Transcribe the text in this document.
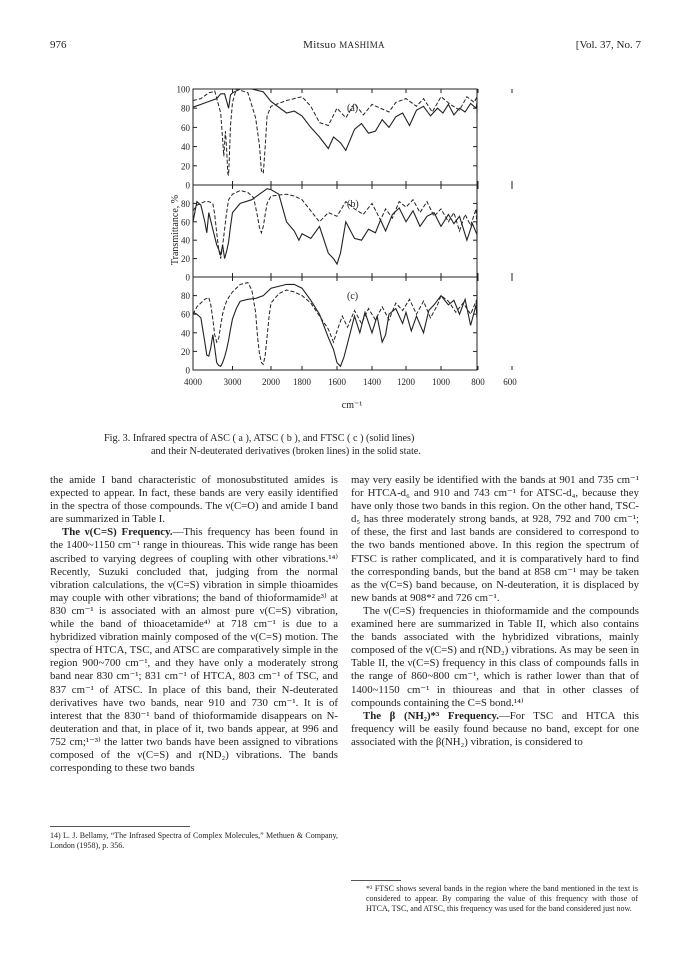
976	Mitsuo MASHIMA	[Vol. 37, No. 7
0
20
40
60
80
100
(a)
0
20
40
60
80	(b)
0
20
40
60
80	(c)
4000 3000 2000 1800 1600 1400 1200 1000 800 600
cm⁻¹
Transmittance, %
Fig. 3. Infrared spectra of ASC ( a ), ATSC ( b ), and FTSC ( c ) (solid lines)
and their N-deuterated derivatives (broken lines) in the solid state.

the amide I band characteristic of monosubstituted amides is expected to appear. In fact, these bands are very easily identified in the spectra of those compounds. The ν(C=O) and amide I band are summarized in Table I.

The ν(C=S) Frequency.—This frequency has been found in the 1400~1150 cm⁻¹ range in thioureas. This wide range has been ascribed to varying degrees of coupling with other vibrations.¹⁴⁾ Recently, Suzuki concluded that, judging from the normal vibration calculations, the ν(C=S) vibration in simple thioamides may couple with other vibrations; the band of thioformamide³⁾ at 830 cm⁻¹ is associated with an almost pure ν(C=S) vibration, while the band of thioacetamide⁴⁾ at 718 cm⁻¹ is due to a hybridized vibration mainly composed of the ν(C=S) motion. The spectra of HTCA, TSC, and ATSC are comparatively simple in the region 900~700 cm⁻¹, and they have only a moderately strong band near 830 cm⁻¹; 831 cm⁻¹ of HTCA, 803 cm⁻¹ of TSC, and 837 cm⁻¹ of ATSC. In place of this band, their N-deuterated derivatives have two bands, near 910 and 730 cm⁻¹. It is of interest that the 830⁻¹ band of thioformamide disappears on N-deuteration and that, in place of it, two bands appear, at 996 and 752 cm;¹⁻³⁾ the latter two bands have been assigned to vibrations composed of the ν(C=S) and r(ND₂) vibrations. The bands corresponding to these two bands

14) L. J. Bellamy, “The Infrased Spectra of Complex Molecules,” Methuen & Company, London (1958), p. 356.

may very easily be identified with the bands at 901 and 735 cm⁻¹ for HTCA-d₆ and 910 and 743 cm⁻¹ for ATSC-d₄, because they have only those two bands in this region. On the other hand, TSC-d₅ has three moderately strong bands, at 928, 792 and 700 cm⁻¹; of these, the first and last bands are considered to correspond to the two bands mentioned above. In this region the spectrum of FTSC is rather complicated, and it is comparatively hard to find the corresponding bands, but the band at 858 cm⁻¹ may be taken as the ν(C=S) band because, on N-deuteration, it is displaced by new bands at 908*² and 726 cm⁻¹.

The ν(C=S) frequencies in thioformamide and the compounds examined here are summarized in Table II, which also contains the bands associated with the hybridized vibrations, mainly composed of the ν(C=S) and r(ND₂) vibrations. As may be seen in Table II, the ν(C=S) frequency in this class of compounds falls in the range of 860~800 cm⁻¹, which is rather lower than that of 1400~1150 cm⁻¹ in thioureas and that in other classes of compounds containing the C=S bond.¹⁴⁾

The β (NH₂)*³ Frequency.—For TSC and HTCA this frequency will be easily found because no band, except for one associated with the β(NH₂) vibration, is considered to

*² FTSC shows several bands in the region where the band mentioned in the text is considered to appear. By comparing the value of this frequency with those of HTCA, TSC, and ATSC, this frequency was used for the band considered just now.
